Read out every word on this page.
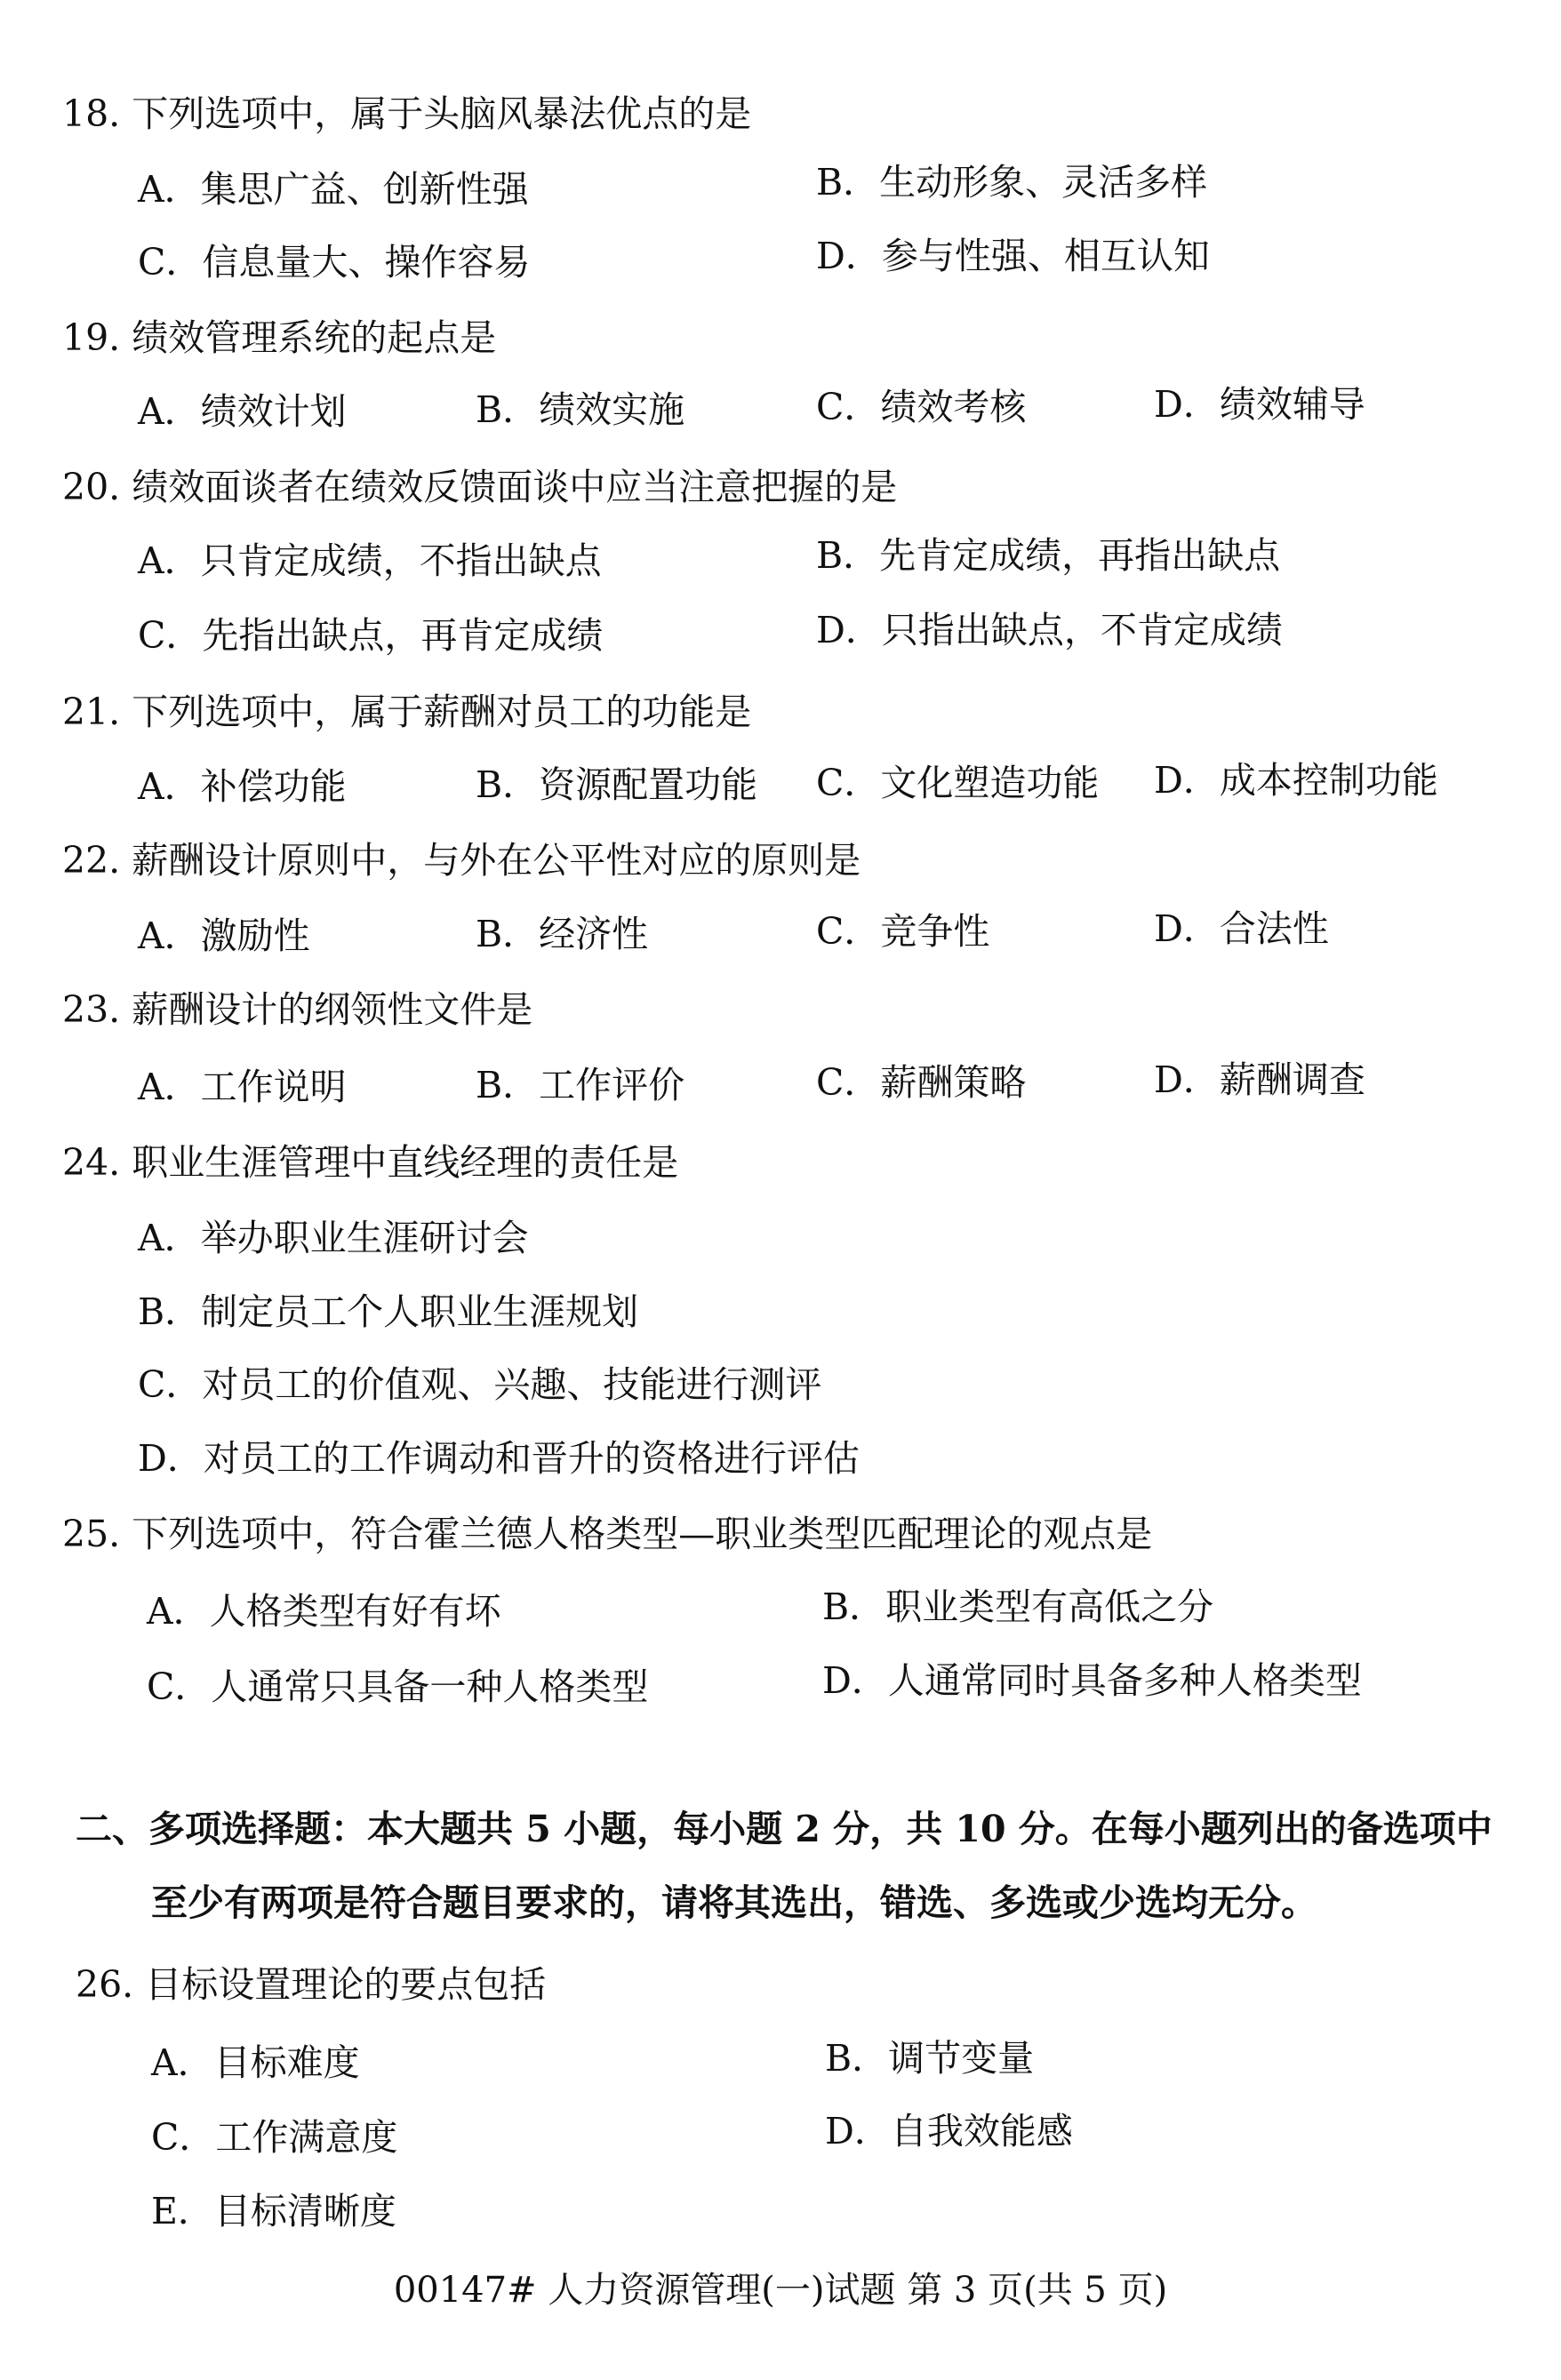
18. 下列选项中，属于头脑风暴法优点的是
A．集思广益、创新性强	B．生动形象、灵活多样
C．信息量大、操作容易	D．参与性强、相互认知
19. 绩效管理系统的起点是
A．绩效计划	B．绩效实施	C．绩效考核	D．绩效辅导
20. 绩效面谈者在绩效反馈面谈中应当注意把握的是
A．只肯定成绩，不指出缺点	B．先肯定成绩，再指出缺点
C．先指出缺点，再肯定成绩	D．只指出缺点，不肯定成绩
21. 下列选项中，属于薪酬对员工的功能是
A．补偿功能	B．资源配置功能 C．文化塑造功能 D．成本控制功能
22. 薪酬设计原则中，与外在公平性对应的原则是
A．激励性	B．经济性	C．竞争性	D．合法性
23. 薪酬设计的纲领性文件是
A．工作说明	B．工作评价	C．薪酬策略	D．薪酬调查
24. 职业生涯管理中直线经理的责任是
A．举办职业生涯研讨会
B．制定员工个人职业生涯规划
C．对员工的价值观、兴趣、技能进行测评
D．对员工的工作调动和晋升的资格进行评估
25. 下列选项中，符合霍兰德人格类型—职业类型匹配理论的观点是
A．人格类型有好有坏	B．职业类型有高低之分
C．人通常只具备一种人格类型	D．人通常同时具备多种人格类型
二、多项选择题：本大题共 5 小题，每小题 2 分，共 10 分。在每小题列出的备选项中
至少有两项是符合题目要求的，请将其选出，错选、多选或少选均无分。
26. 目标设置理论的要点包括
A．目标难度	B．调节变量
C．工作满意度	D．自我效能感
E．目标清晰度
00147# 人力资源管理(一)试题 第 3 页(共 5 页)
